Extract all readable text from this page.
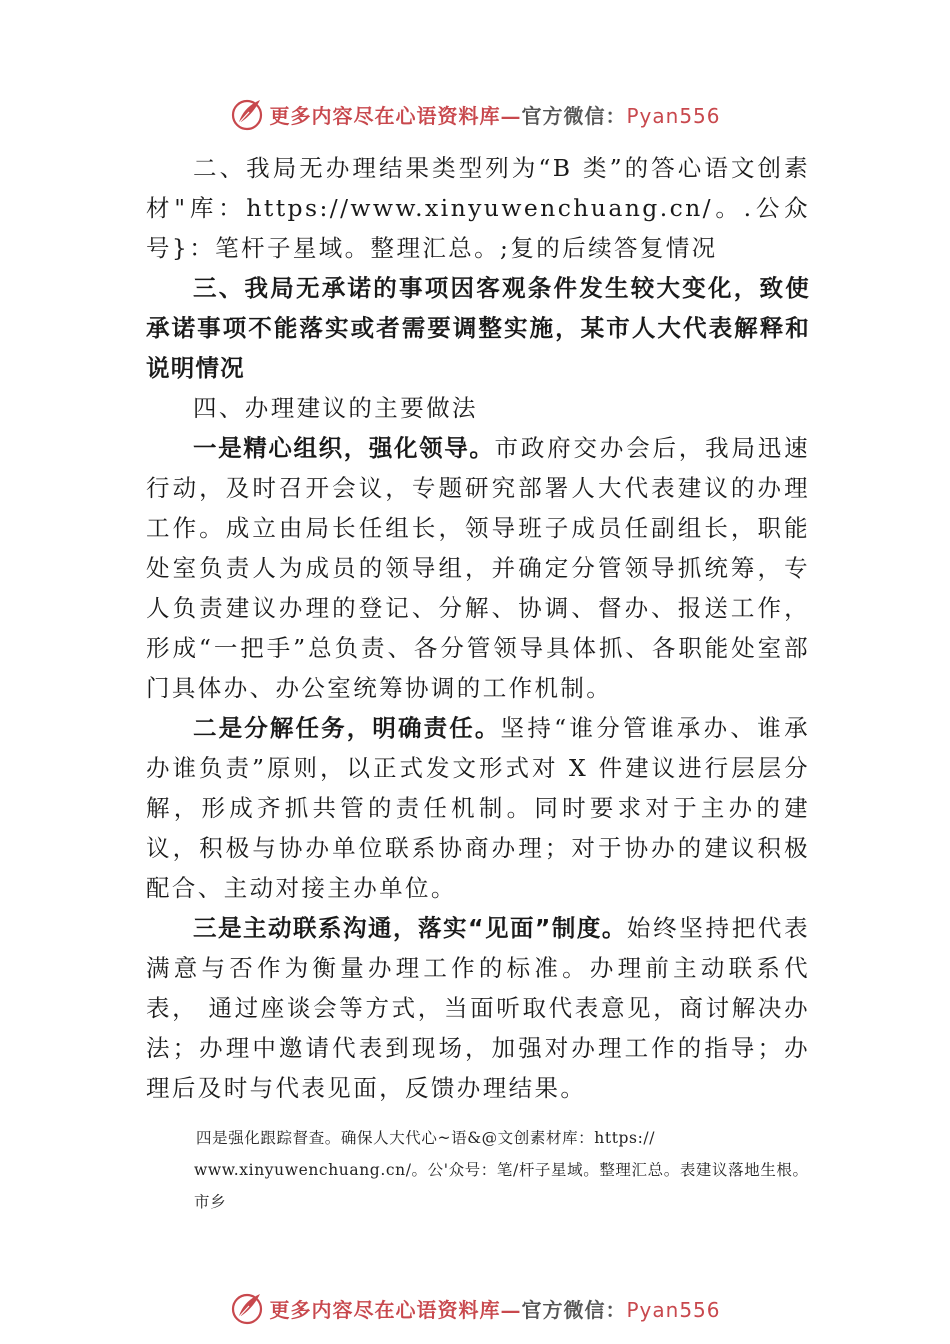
更多内容尽在心语资料库—官方微信：Pyan556

二、我局无办理结果类型列为“B 类”的答心语文创素材"库：https://www.xinyuwenchuang.cn/。.公众号}：笔杆子星域。整理汇总。;复的后续答复情况

三、我局无承诺的事项因客观条件发生较大变化，致使承诺事项不能落实或者需要调整实施，某市人大代表解释和说明情况

四、办理建议的主要做法

一是精心组织，强化领导。市政府交办会后，我局迅速行动，及时召开会议，专题研究部署人大代表建议的办理工作。成立由局长任组长，领导班子成员任副组长，职能处室负责人为成员的领导组，并确定分管领导抓统筹，专人负责建议办理的登记、分解、协调、督办、报送工作，形成“一把手”总负责、各分管领导具体抓、各职能处室部门具体办、办公室统筹协调的工作机制。

二是分解任务，明确责任。坚持“谁分管谁承办、谁承办谁负责”原则，以正式发文形式对 X 件建议进行层层分解，形成齐抓共管的责任机制。同时要求对于主办的建议，积极与协办单位联系协商办理；对于协办的建议积极配合、主动对接主办单位。

三是主动联系沟通，落实“见面”制度。始终坚持把代表满意与否作为衡量办理工作的标准。办理前主动联系代表， 通过座谈会等方式，当面听取代表意见，商讨解决办法；办理中邀请代表到现场，加强对办理工作的指导；办理后及时与代表见面，反馈办理结果。

四是强化跟踪督查。确保人大代心~语&@文创素材库：https://

www.xinyuwenchuang.cn/。公'众号：笔/杆子星域。整理汇总。表建议落地生根。

市乡

更多内容尽在心语资料库—官方微信：Pyan556
